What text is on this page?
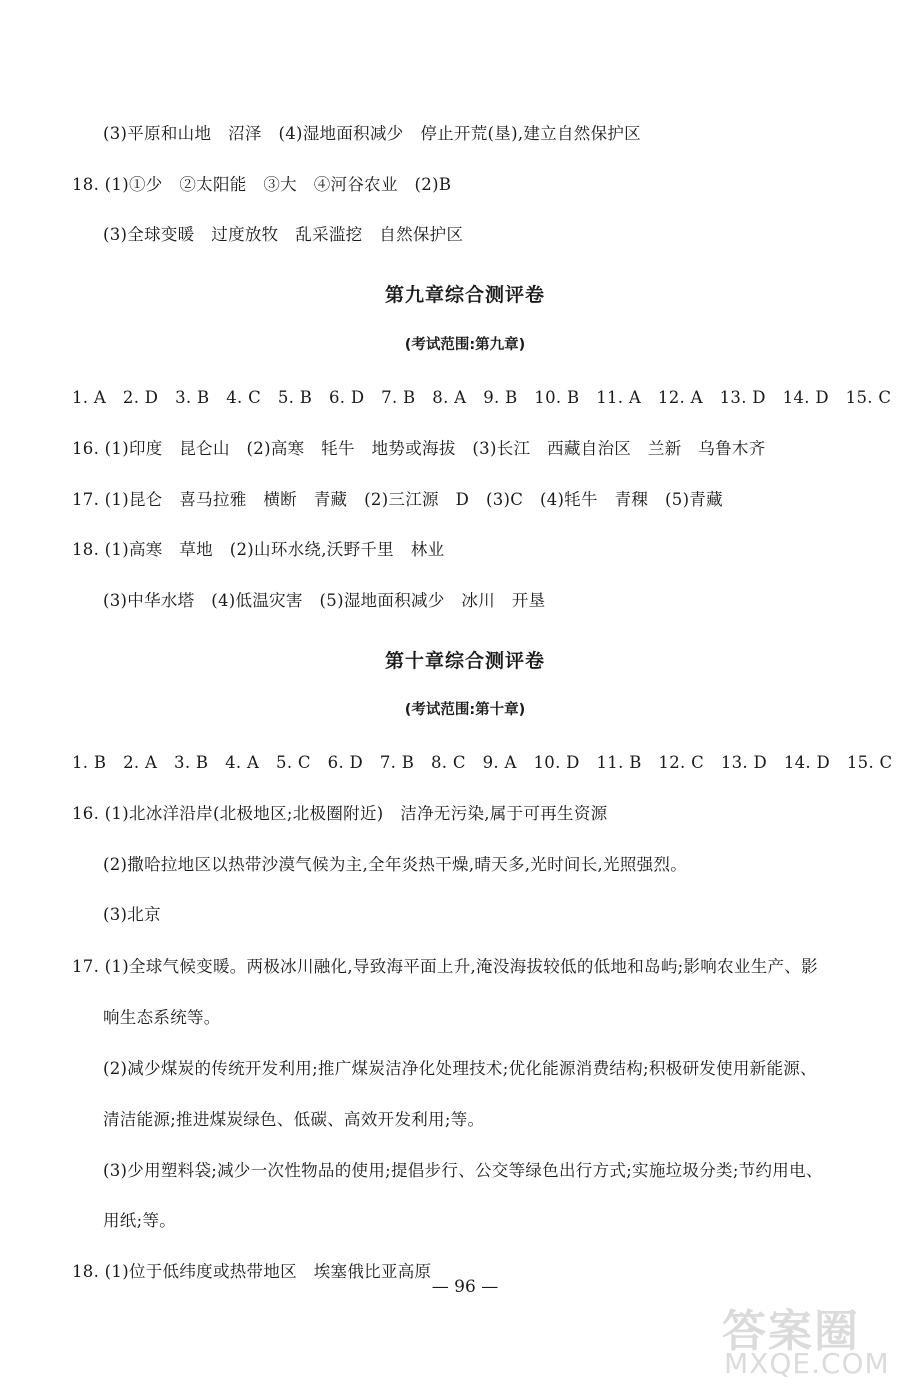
(3)平原和山地　沼泽　(4)湿地面积减少　停止开荒(垦),建立自然保护区
18. (1)①少　②太阳能　③大　④河谷农业　(2)B
(3)全球变暖　过度放牧　乱采滥挖　自然保护区
第九章综合测评卷
(考试范围:第九章)
1. A　2. D　3. B　4. C　5. B　6. D　7. B　8. A　9. B　10. B　11. A　12. A　13. D　14. D　15. C
16. (1)印度　昆仑山　(2)高寒　牦牛　地势或海拔　(3)长江　西藏自治区　兰新　乌鲁木齐
17. (1)昆仑　喜马拉雅　横断　青藏　(2)三江源　D　(3)C　(4)牦牛　青稞　(5)青藏
18. (1)高寒　草地　(2)山环水绕,沃野千里　林业
(3)中华水塔　(4)低温灾害　(5)湿地面积减少　冰川　开垦
第十章综合测评卷
(考试范围:第十章)
1. B　2. A　3. B　4. A　5. C　6. D　7. B　8. C　9. A　10. D　11. B　12. C　13. D　14. D　15. C
16. (1)北冰洋沿岸(北极地区;北极圈附近)　洁净无污染,属于可再生资源
(2)撒哈拉地区以热带沙漠气候为主,全年炎热干燥,晴天多,光时间长,光照强烈。
(3)北京
17. (1)全球气候变暖。两极冰川融化,导致海平面上升,淹没海拔较低的低地和岛屿;影响农业生产、影
响生态系统等。
(2)减少煤炭的传统开发利用;推广煤炭洁净化处理技术;优化能源消费结构;积极研发使用新能源、
清洁能源;推进煤炭绿色、低碳、高效开发利用;等。
(3)少用塑料袋;减少一次性物品的使用;提倡步行、公交等绿色出行方式;实施垃圾分类;节约用电、
用纸;等。
18. (1)位于低纬度或热带地区　埃塞俄比亚高原
— 96 —
答案圈
MXQE.COM
